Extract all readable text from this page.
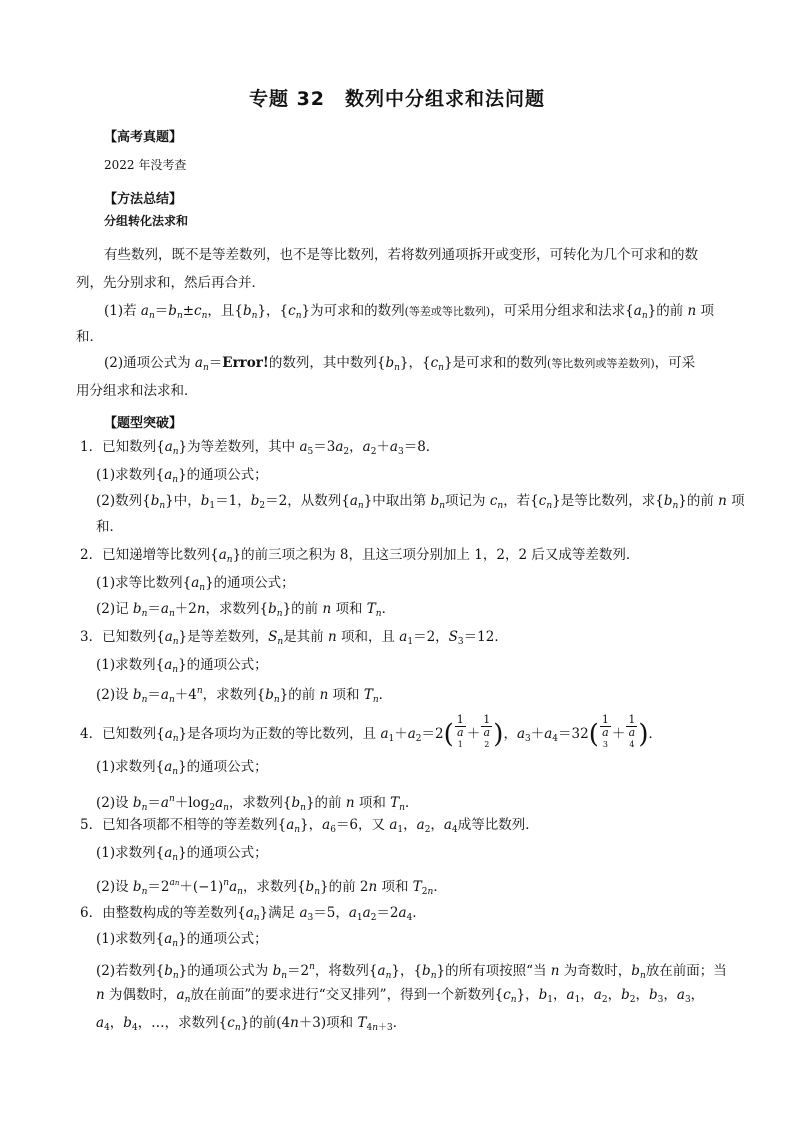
专题 32　数列中分组求和法问题
【高考真题】
2022 年没考查
【方法总结】
分组转化法求和
有些数列，既不是等差数列，也不是等比数列，若将数列通项拆开或变形，可转化为几个可求和的数
列，先分别求和，然后再合并．
(1)若 $a_n=b_n\pm c_n$，且$\{b_n\}$，$\{c_n\}$为可求和的数列(等差或等比数列)，可采用分组求和法求$\{a_n\}$的前 n 项
和．
(2)通项公式为 $a_n=Error$!的数列，其中数列$\{b_n\}$，$\{c_n\}$是可求和的数列(等比数列或等差数列)，可采
用分组求和法求和．
【题型突破】
1．已知数列$\{a_n\}$为等差数列，其中 $a_5=3a_2$，$a_2+a_3=8$．
(1)求数列$\{a_n\}$的通项公式；
(2)数列$\{b_n\}$中，$b_1=1$，$b_2=2$，从数列$\{a_n\}$中取出第 $b_n$项记为 $c_n$，若$\{c_n\}$是等比数列，求$\{b_n\}$的前 n 项
和．
2．已知递增等比数列$\{a_n\}$的前三项之积为 8，且这三项分别加上 1，2，2 后又成等差数列．
(1)求等比数列$\{a_n\}$的通项公式；
(2)记 $b_n=a_n+2n$，求数列$\{b_n\}$的前 n 项和 $T_n$．
3．已知数列$\{a_n\}$是等差数列，$S_n$是其前 n 项和，且 $a_1=2$，$S_3=12$．
(1)求数列$\{a_n\}$的通项公式；
(2)设 $b_n=a_n+4^n$，求数列$\{b_n\}$的前 n 项和 $T_n$．
4．已知数列$\{a_n\}$是各项均为正数的等比数列，且 $a_1+a_2=2$( 1
a
$^1$ ＋ 1
a
$^2$ )，$a_3+a_4=32$( 1
a
$^3$ ＋ 1
a
$^4$ )．
(1)求数列$\{a_n\}$的通项公式；
(2)设 $b_n=a^n+\log_2a_n$，求数列$\{b_n\}$的前 n 项和 $T_n$．
5．已知各项都不相等的等差数列$\{a_n\}$，$a_6=6$，又 $a_1$，$a_2$，$a_4$成等比数列．
(1)求数列$\{a_n\}$的通项公式；
(2)设 $b_n=2^{an}+(-1)^na_n$，求数列$\{b_n\}$的前 2n 项和 $T_{2n}$．
6．由整数构成的等差数列$\{a_n\}$满足 $a_3=5$，$a_1a_2=2a_4$．
(1)求数列$\{a_n\}$的通项公式；
(2)若数列$\{b_n\}$的通项公式为 $b_n=2^n$，将数列$\{a_n\}$，$\{b_n\}$的所有项按照“当 n 为奇数时，$b_n$放在前面；当
n 为偶数时，$a_n$放在前面”的要求进行“交叉排列”，得到一个新数列$\{c_n\}$，$b_1$，$a_1$，$a_2$，$b_2$，$b_3$，$a_3$，
$a_4$，$b_4$，…，求数列$\{c_n\}$的前(4n＋3)项和 $T_{4n+3}$．
